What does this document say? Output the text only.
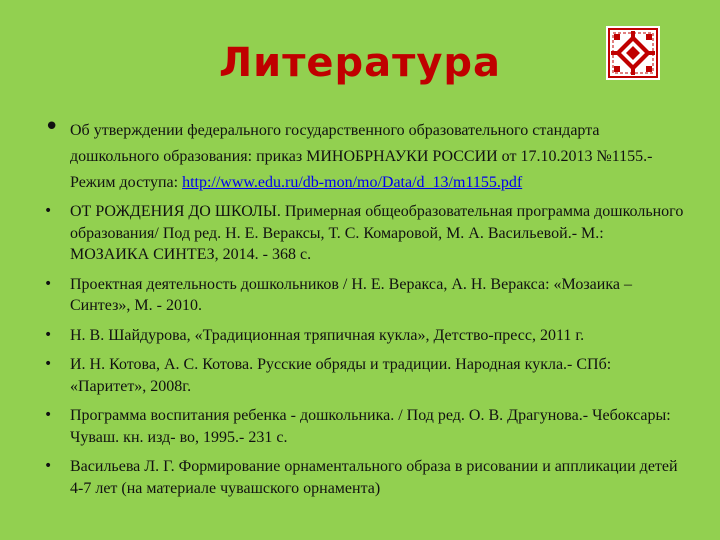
Литература
• Об утверждении федерального государственного образовательного стандарта дошкольного образования: приказ МИНОБРНАУКИ РОССИИ от 17.10.2013 №1155.- Режим доступа: http://www.edu.ru/db-mon/mo/Data/d_13/m1155.pdf
• ОТ РОЖДЕНИЯ ДО ШКОЛЫ. Примерная общеобразовательная программа дошкольного образования/ Под ред. Н. Е. Вераксы, Т. С. Комаровой, М. А. Васильевой.- М.: МОЗАИКА СИНТЕЗ, 2014. - 368 с.
• Проектная деятельность дошкольников / Н. Е. Веракса, А. Н. Веракса: «Мозаика – Синтез», М. - 2010.
• Н. В. Шайдурова, «Традиционная тряпичная кукла», Детство-пресс, 2011 г.
• И. Н. Котова, А. С. Котова. Русские обряды и традиции. Народная кукла.- СПб: «Паритет», 2008г.
• Программа воспитания ребенка - дошкольника. / Под ред. О. В. Драгунова.- Чебоксары: Чуваш. кн. изд- во, 1995.- 231 с.
• Васильева Л. Г. Формирование орнаментального образа в рисовании и аппликации детей 4-7 лет (на материале чувашского орнамента)
